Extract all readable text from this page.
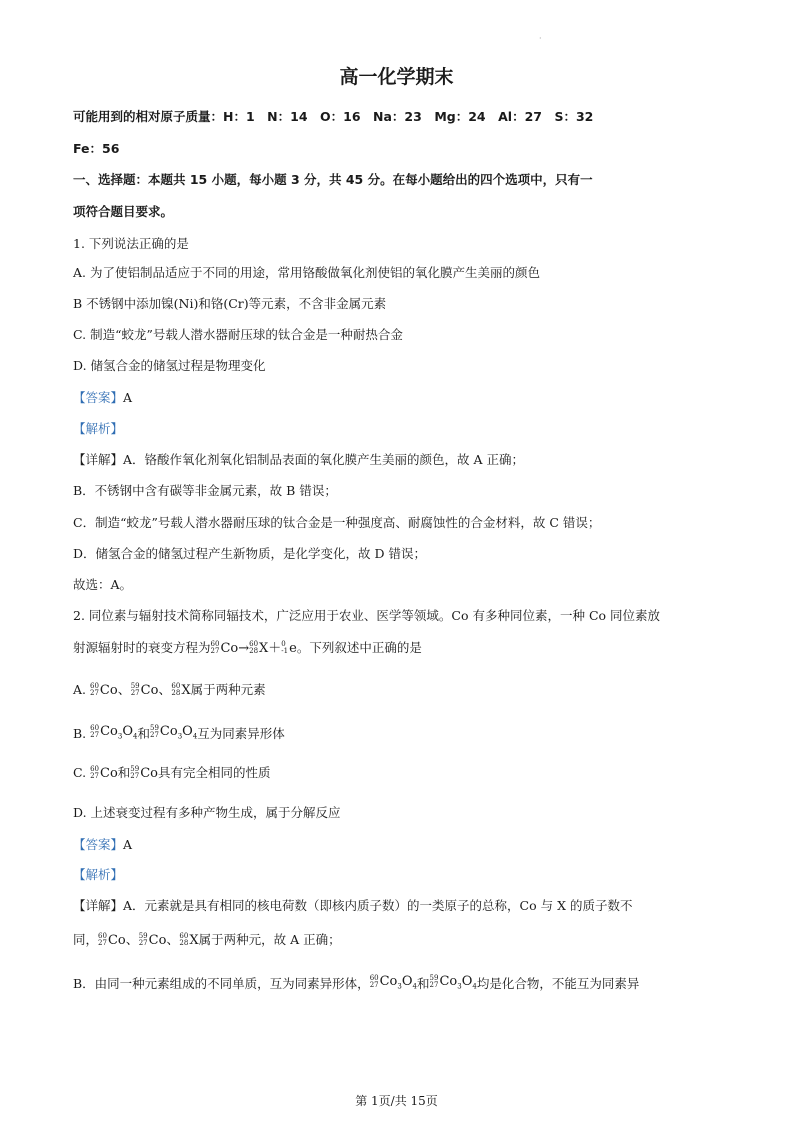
·
高一化学期末
可能用到的相对原子质量：H：1　N：14　O：16　Na：23　Mg：24　Al：27　S：32
Fe：56
一、选择题：本题共 15 小题，每小题 3 分，共 45 分。在每小题给出的四个选项中，只有一
项符合题目要求。
1. 下列说法正确的是
A. 为了使铝制品适应于不同的用途，常用铬酸做氧化剂使铝的氧化膜产生美丽的颜色
B 不锈钢中添加镍(Ni)和铬(Cr)等元素，不含非金属元素
C. 制造“蛟龙”号载人潜水器耐压球的钛合金是一种耐热合金
D. 储氢合金的储氢过程是物理变化
【答案】A
【解析】
【详解】A．铬酸作氧化剂氧化铝制品表面的氧化膜产生美丽的颜色，故 A 正确；
B．不锈钢中含有碳等非金属元素，故 B 错误；
C．制造“蛟龙”号载人潜水器耐压球的钛合金是一种强度高、耐腐蚀性的合金材料，故 C 错误；
D．储氢合金的储氢过程产生新物质，是化学变化，故 D 错误；
故选：A。
2. 同位素与辐射技术简称同辐技术，广泛应用于农业、医学等领域。Co 有多种同位素，一种 Co 同位素放
射源辐射时的衰变方程为 60
27 Co→ 60
28 X＋ 0
-1 e。下列叙述中正确的是
A. 60
27 Co、 59
27 Co、 60
28 X属于两种元素
B. 60
27 $Co_3O_4$和 59
27 $Co_3O_4$互为同素异形体
C. 60
27 Co和 59
27 Co具有完全相同的性质
D. 上述衰变过程有多种产物生成，属于分解反应
【答案】A
【解析】
【详解】A．元素就是具有相同的核电荷数（即核内质子数）的一类原子的总称，Co 与 X 的质子数不
同， 60
27 Co、 59
27 Co、 60
28 X属于两种元，故 A 正确；
B．由同一种元素组成的不同单质，互为同素异形体， 60
27 $Co_3O_4$和 59
27 $Co_3O_4$均是化合物，不能互为同素异
第 1页/共 15页
